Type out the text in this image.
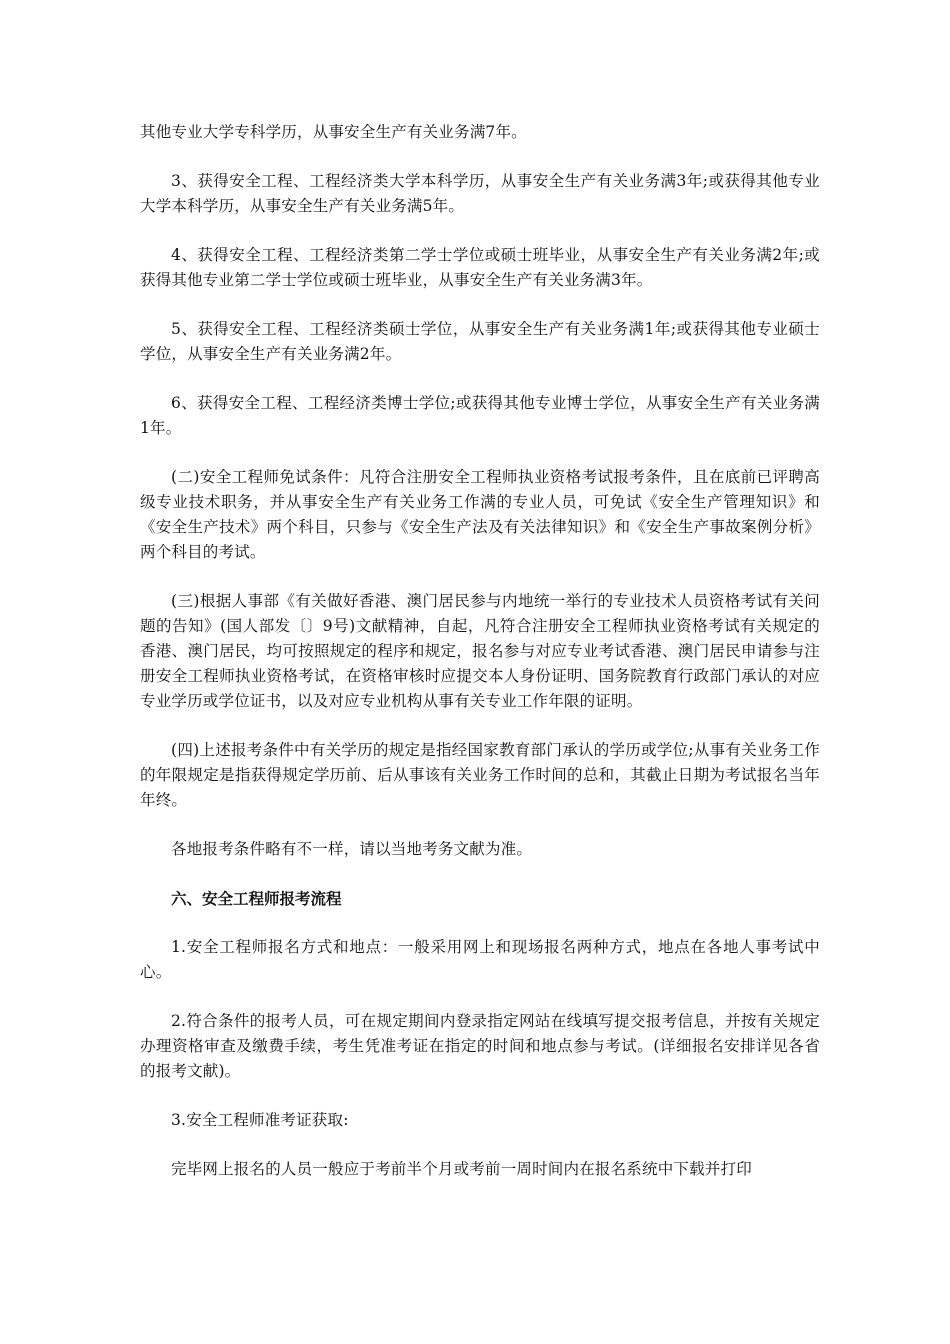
其他专业大学专科学历，从事安全生产有关业务满7年。

3、获得安全工程、工程经济类大学本科学历，从事安全生产有关业务满3年;或获得其他专业大学本科学历，从事安全生产有关业务满5年。

4、获得安全工程、工程经济类第二学士学位或硕士班毕业，从事安全生产有关业务满2年;或获得其他专业第二学士学位或硕士班毕业，从事安全生产有关业务满3年。

5、获得安全工程、工程经济类硕士学位，从事安全生产有关业务满1年;或获得其他专业硕士学位，从事安全生产有关业务满2年。

6、获得安全工程、工程经济类博士学位;或获得其他专业博士学位，从事安全生产有关业务满1年。

(二)安全工程师免试条件：凡符合注册安全工程师执业资格考试报考条件，且在底前已评聘高级专业技术职务，并从事安全生产有关业务工作满的专业人员，可免试《安全生产管理知识》和《安全生产技术》两个科目，只参与《安全生产法及有关法律知识》和《安全生产事故案例分析》两个科目的考试。

(三)根据人事部《有关做好香港、澳门居民参与内地统一举行的专业技术人员资格考试有关问题的告知》(国人部发〔〕9号)文献精神，自起，凡符合注册安全工程师执业资格考试有关规定的香港、澳门居民，均可按照规定的程序和规定，报名参与对应专业考试香港、澳门居民申请参与注册安全工程师执业资格考试，在资格审核时应提交本人身份证明、国务院教育行政部门承认的对应专业学历或学位证书，以及对应专业机构从事有关专业工作年限的证明。

(四)上述报考条件中有关学历的规定是指经国家教育部门承认的学历或学位;从事有关业务工作的年限规定是指获得规定学历前、后从事该有关业务工作时间的总和，其截止日期为考试报名当年年终。

各地报考条件略有不一样，请以当地考务文献为准。

六、安全工程师报考流程

1.安全工程师报名方式和地点：一般采用网上和现场报名两种方式，地点在各地人事考试中心。

2.符合条件的报考人员，可在规定期间内登录指定网站在线填写提交报考信息，并按有关规定办理资格审查及缴费手续，考生凭准考证在指定的时间和地点参与考试。(详细报名安排详见各省的报考文献)。

3.安全工程师准考证获取:

完毕网上报名的人员一般应于考前半个月或考前一周时间内在报名系统中下载并打印
